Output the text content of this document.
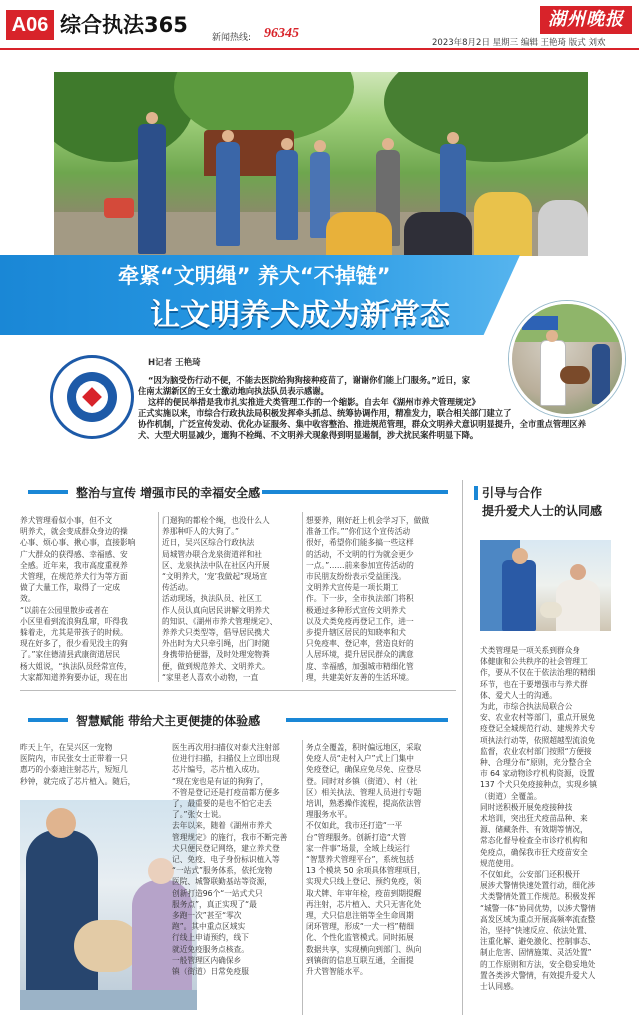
A06 综合执法365
新闻热线: 96345
湖州晚报
2023年8月2日 星期三 编辑 王艳琦 版式 刘欢
牵紧“文明绳” 养犬“不掉链”
让文明养犬成为新常态
H记者 王艳琦
“因为脑受伤行动不便，不能去医院给狗狗接种疫苗了，谢谢你们能上门服务。”近日，家
住南太湖新区的王女士激动地向执法队员表示感谢。
这样的便民举措是我市扎实推进犬类管理工作的一个缩影。自去年《湖州市养犬管理规定》
正式实施以来，市综合行政执法局积极发挥牵头抓总、统筹协调作用，精准发力，联合相关部门建立了
协作机制，广泛宣传发动、优化办证服务、集中收容整治、推进规范管理，群众文明养犬意识明显提升，全市重点管理区养
犬、大型犬明显减少，遛狗不栓绳、不文明养犬现象得到明显遏制，涉犬扰民案件明显下降。
整治与宣传 增强市民的幸福安全感
养犬管理看似小事，但不文
明养犬，就会变成群众身边的操
心事、烦心事、揪心事，直接影响
广大群众的获得感、幸福感、安
全感。近年来，我市高度重视养
犬管理，在规范养犬行为等方面
做了大量工作，取得了一定成
效。
“以前在公园里散步或者在
小区里看到流浪狗乱窜，吓得我
躲着走，尤其是带孩子的时候。
现在好多了，很少看见没主的狗
了。”家住德清县武康街道居民
杨大姐说，“执法队员经常宣传，
大家都知道养狗要办证，现在出
门遛狗的都栓个绳，也没什么人
养那种吓人的大狗了。”
近日，吴兴区综合行政执法
局城管办联合龙泉街道祥和社
区、龙泉执法中队在社区内开展
“文明养犬，‘宠’我做起”现场宣
传活动。
活动现场，执法队员、社区工
作人员认真向居民讲解文明养犬
的知识、《湖州市养犬管理规定》、
养养犬只类型等，倡导居民携犬
外出时为犬只牵引绳，出门时随
身携带拾便器，及时处理宠物粪
便，做到规范养犬、文明养犬。
“家里老人喜欢小动物，一直
想要养，刚好赶上机会学习下，做做
准备工作。””你们这个宣传活动
很好，希望你们能多搞一些这样
的活动，不文明的行为就会更少
一点。”……前来参加宣传活动的
市民朋友纷纷表示受益匪浅。
文明养犬宣传是一项长期工
作。下一步，全市执法部门将积
极通过多种形式宣传文明养犬
以及犬类免疫再登记工作，进一
步提升辖区居民的知晓率和犬
只免疫率、登记率，营造良好的
人居环境，提升居民群众的满意
度、幸福感，加强城市精细化管
理，共建美好友善的生活环境。
引导与合作
提升爱犬人士的认同感
犬类管理是一项关系到群众身
体健康和公共秩序的社会管理工
作，要从不仅在于依法治理的精细
环节，也在于要增强市与养犬群
体、爱犬人士的沟通。
为此，市综合执法局联合公
安、农业农村等部门，重点开展免
疫登记全城规范行动、建规养犬专
项执法行动等，依照超越型流浪免
监督，农业农村部门按照“方便接
种、合理分布”原则，充分整合全
市 64 家动物诊疗机构资源，设置
137 个犬只免疫接种点，实现乡镇
（街道）全覆盖。
同时送积极开展免疫接种技
术培训，突出狂犬疫苗品种、来
源、储藏条件、有效期等情况，
常态化督导检查全市诊疗机构和
免疫点，确保我市狂犬疫苗安全
规范使用。
不仅如此，公安部门还积极开
展涉犬警情快速处置行动，细化涉
犬类警情处置工作规范。积极发挥
“城警一体”协同优势，以涉犬警情
高发区域为重点开展高频率流查整
治，坚持“快速反应、依法处置、
注重化解、避免激化、控制事态、
制止危害、固情施策、灵活处置”
的工作原则和方法，安全稳妥地处
置各类涉犬警情，有效提升爱犬人
士认同感。
智慧赋能 带给犬主更便捷的体验感
昨天上午，在吴兴区一宠物
医院内，市民张女士正带着一只
惠巧的小泰迪注射芯片，短短几
秒钟，就完成了芯片植入。随后，
医生再次用扫描仪对泰犬注射部
位进行扫描，扫描仪上立即出现
芯片编号，芯片植入成功。
“现在宠也是有证的狗狗了，
不管是登记还是打疫苗都方便多
了，最重要的是也不怕它走丢
了。”张女士说。
去年以来，随着《湖州市养犬
管理规定》的施行，我市不断完善
犬只便民登记网络，建立养犬登
记、免疫、电子身份标识植入等
“一站式”服务体系，依托宠物
医院、城警联勤基站等资源，
创新打造96个“一站式犬只
服务点”，真正实现了“最
多跑一次”甚至“零次
跑”。其中重点区域实
行线上申请预约，线下
就近免疫服务点核查。
一般管理区内确保乡
镇（街道）日常免疫服
务点全覆盖，积时偏远地区，采取
免疫人员“走村入户”式上门集中
免疫登记，确保应免尽免、应登尽
登。同时对乡镇（街道）、村（社
区）相关执法、管理人员进行专题
培训，熟悉操作流程，提高依法管
理服务水平。
不仅如此，我市还打造“一平
台”管理服务。创新打造“犬管
家一件事”场景，全域上线运行
“智慧养犬管理平台”，系统包括
13 个模块 50 余项具体管理项目，
实现犬只线上登记、预约免疫，领
取犬牌、年审年检，疫苗到期提醒
再注射，芯片植入、犬只无害化处
理，犬只信息注销等全生命周期
闭环管理，形成“一犬一档”精细
化、个性化监管模式。同时拓展
数据共享，实现横向到部门、纵向
到镇街的信息互联互通，全面提
升犬管智能水平。
